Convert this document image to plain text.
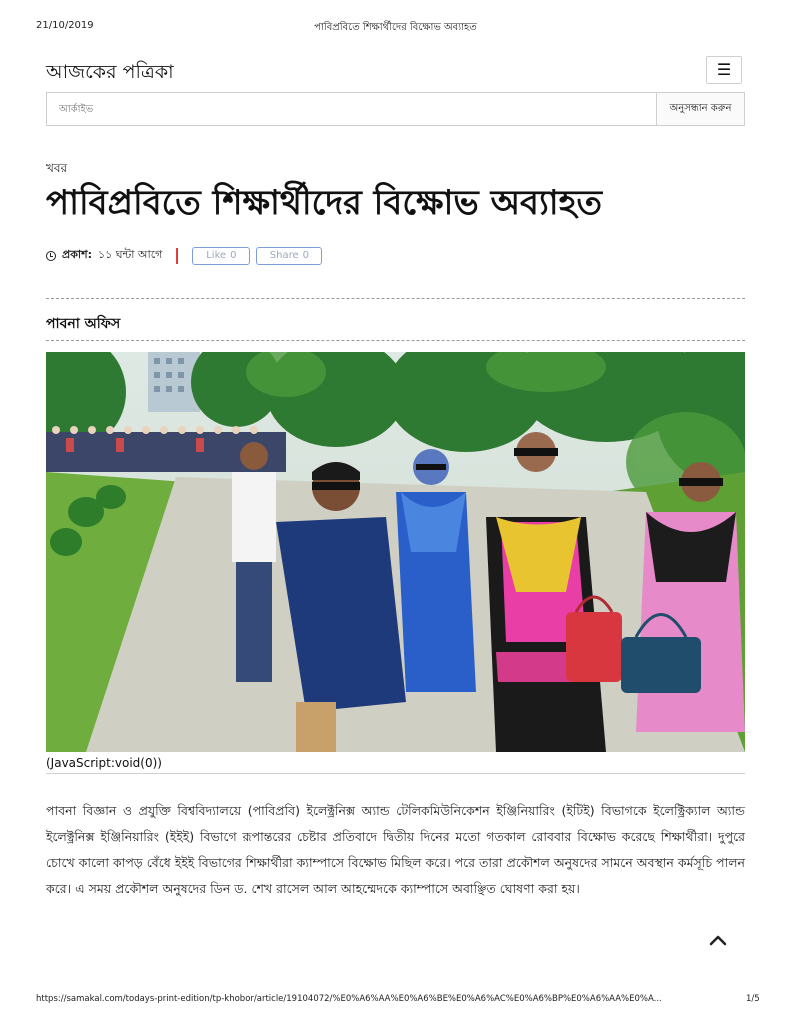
21/10/2019	পাবিপ্রবিতে শিক্ষার্থীদের বিক্ষোভ অব্যাহত
আজকের পত্রিকা	☰
আর্কাইভ
অনুসন্ধান করুন
খবর
পাবিপ্রবিতে শিক্ষার্থীদের বিক্ষোভ অব্যাহত
প্রকাশ: ১১ ঘন্টা আগে	Like 0	Share 0
পাবনা অফিস
(JavaScript:void(0))

পাবনা বিজ্ঞান ও প্রযুক্তি বিশ্ববিদ্যালয়ে (পাবিপ্রবি) ইলেক্ট্রনিক্স অ্যান্ড টেলিকমিউনিকেশন ইঞ্জিনিয়ারিং (ইটিই) বিভাগকে ইলেক্ট্রিক্যাল অ্যান্ড ইলেক্ট্রনিক্স ইঞ্জিনিয়ারিং (ইইই) বিভাগে রূপান্তরের চেষ্টার প্রতিবাদে দ্বিতীয় দিনের মতো গতকাল রোববার বিক্ষোভ করেছে শিক্ষার্থীরা। দুপুরে চোখে কালো কাপড় বেঁধে ইইই বিভাগের শিক্ষার্থীরা ক্যাম্পাসে বিক্ষোভ মিছিল করে। পরে তারা প্রকৌশল অনুষদের সামনে অবস্থান কর্মসূচি পালন করে। এ সময় প্রকৌশল অনুষদের ডিন ড. শেখ রাসেল আল আহম্মেদকে ক্যাম্পাসে অবাঞ্ছিত ঘোষণা করা হয়।

https://samakal.com/todays-print-edition/tp-khobor/article/19104072/%E0%A6%AA%E0%A6%BE%E0%A6%AC%E0%A6%BP%E0%A6%AA%E0%A...	1/5
